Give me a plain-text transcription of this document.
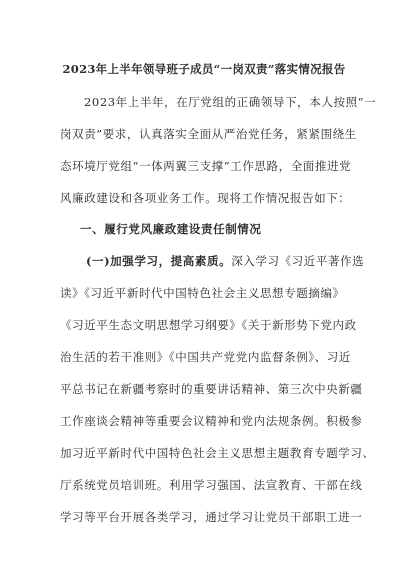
2023年上半年领导班子成员“一岗双责”落实情况报告
2023年上半年，在厅党组的正确领导下，本人按照“一
岗双责”要求，认真落实全面从严治党任务，紧紧围绕生
态环境厅党组“一体两翼三支撑”工作思路，全面推进党
风廉政建设和各项业务工作。现将工作情况报告如下：
一、履行党风廉政建设责任制情况
(一)加强学习，提高素质。深入学习《习近平著作选
读》《习近平新时代中国特色社会主义思想专题摘编》
《习近平生态文明思想学习纲要》《关于新形势下党内政
治生活的若干准则》《中国共产党党内监督条例》、习近
平总书记在新疆考察时的重要讲话精神、第三次中央新疆
工作座谈会精神等重要会议精神和党内法规条例。积极参
加习近平新时代中国特色社会主义思想主题教育专题学习、
厅系统党员培训班。利用学习强国、法宣教育、干部在线
学习等平台开展各类学习，通过学习让党员干部职工进一
